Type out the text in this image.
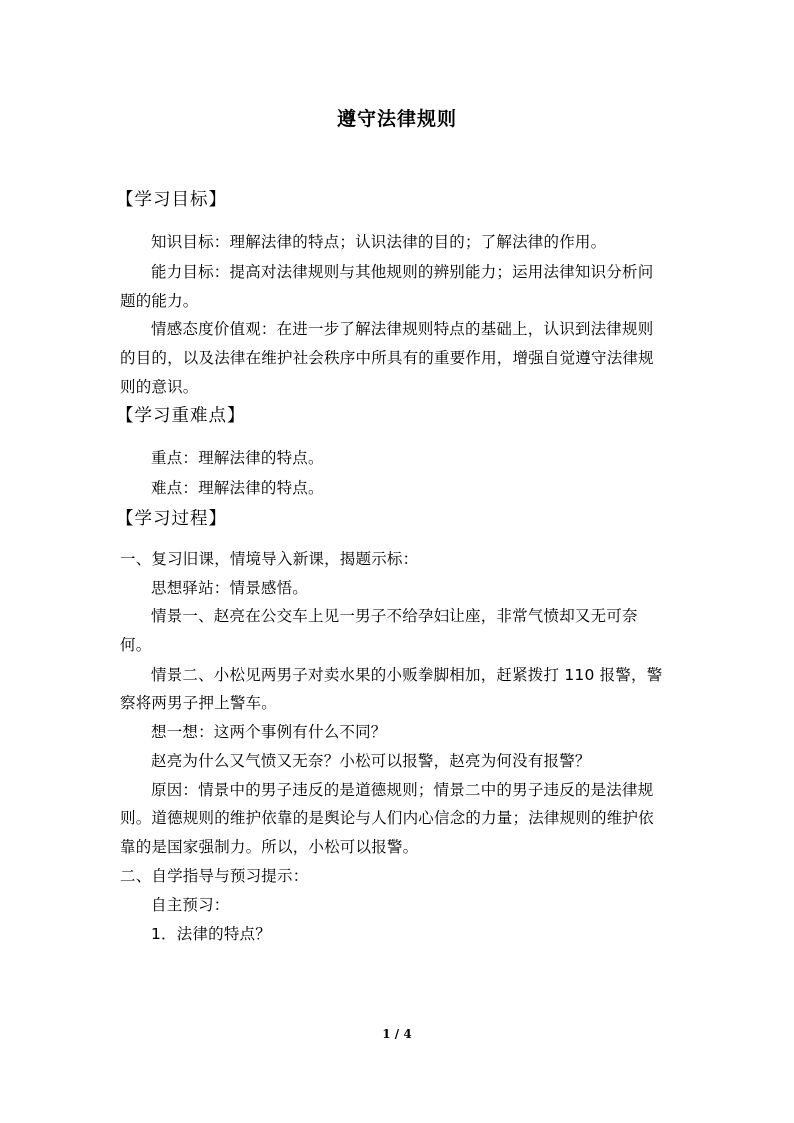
遵守法律规则
【学习目标】
知识目标：理解法律的特点；认识法律的目的；了解法律的作用。
能力目标：提高对法律规则与其他规则的辨别能力；运用法律知识分析问
题的能力。
情感态度价值观：在进一步了解法律规则特点的基础上，认识到法律规则
的目的，以及法律在维护社会秩序中所具有的重要作用，增强自觉遵守法律规
则的意识。
【学习重难点】
重点：理解法律的特点。
难点：理解法律的特点。
【学习过程】
一、复习旧课，情境导入新课，揭题示标：
思想驿站：情景感悟。
情景一、赵亮在公交车上见一男子不给孕妇让座，非常气愤却又无可奈
何。
情景二、小松见两男子对卖水果的小贩拳脚相加，赶紧拨打 110 报警，警
察将两男子押上警车。
想一想：这两个事例有什么不同？
赵亮为什么又气愤又无奈？小松可以报警，赵亮为何没有报警？
原因：情景中的男子违反的是道德规则；情景二中的男子违反的是法律规
则。道德规则的维护依靠的是舆论与人们内心信念的力量；法律规则的维护依
靠的是国家强制力。所以，小松可以报警。
二、自学指导与预习提示：
自主预习：
1．法律的特点？
1 / 4
